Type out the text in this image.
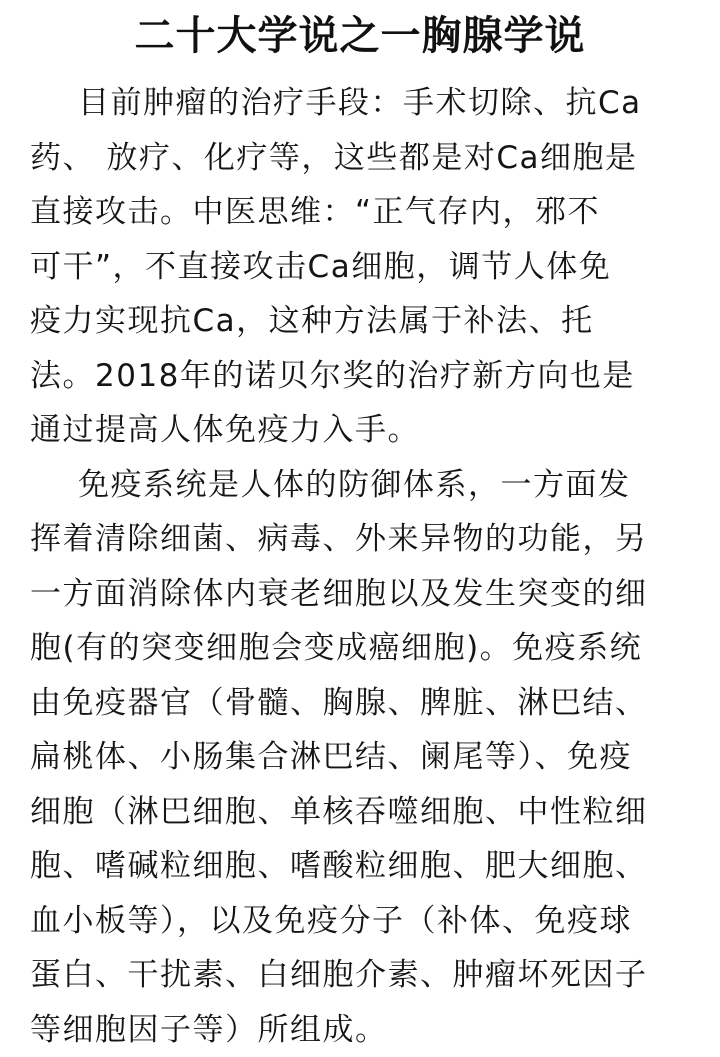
二十大学说之一胸腺学说
目前肿瘤的治疗手段：手术切除、抗Ca
药、 放疗、化疗等，这些都是对Ca细胞是
直接攻击。中医思维：“正气存内，邪不
可干”，不直接攻击Ca细胞，调节人体免
疫力实现抗Ca，这种方法属于补法、托
法。2018年的诺贝尔奖的治疗新方向也是
通过提高人体免疫力入手。
免疫系统是人体的防御体系，一方面发
挥着清除细菌、病毒、外来异物的功能，另
一方面消除体内衰老细胞以及发生突变的细
胞(有的突变细胞会变成癌细胞)。免疫系统
由免疫器官（骨髓、胸腺、脾脏、淋巴结、
扁桃体、小肠集合淋巴结、阑尾等）、免疫
细胞（淋巴细胞、单核吞噬细胞、中性粒细
胞、嗜碱粒细胞、嗜酸粒细胞、肥大细胞、
血小板等），以及免疫分子（补体、免疫球
蛋白、干扰素、白细胞介素、肿瘤坏死因子
等细胞因子等）所组成。
